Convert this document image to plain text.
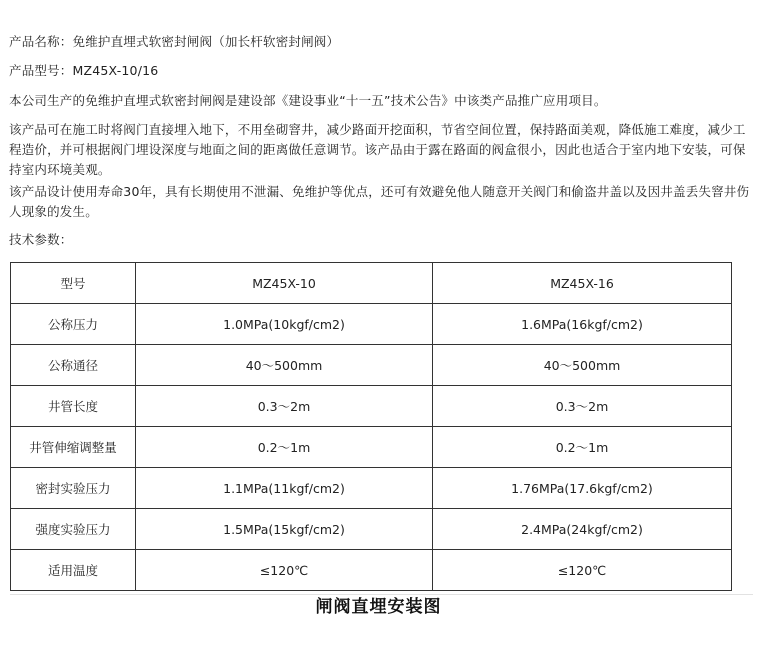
产品名称：免维护直埋式软密封闸阀（加长杆软密封闸阀）
产品型号：MZ45X-10/16
本公司生产的免维护直埋式软密封闸阀是建设部《建设事业“十一五”技术公告》中该类产品推广应用项目。
该产品可在施工时将阀门直接埋入地下，不用垒砌窨井，减少路面开挖面积，节省空间位置，保持路面美观，降低施工难度，减少工程造价，并可根据阀门埋设深度与地面之间的距离做任意调节。该产品由于露在路面的阀盒很小，因此也适合于室内地下安装，可保持室内环境美观。
该产品设计使用寿命30年，具有长期使用不泄漏、免维护等优点，还可有效避免他人随意开关阀门和偷盗井盖以及因井盖丢失窨井伤人现象的发生。
技术参数：
型号	MZ45X-10	MZ45X-16
公称压力	1.0MPa(10kgf/cm2)	1.6MPa(16kgf/cm2)
公称通径	40～500mm	40～500mm
井管长度	0.3～2m	0.3～2m
井管伸缩调整量	0.2～1m	0.2～1m
密封实验压力	1.1MPa(11kgf/cm2)	1.76MPa(17.6kgf/cm2)
强度实验压力	1.5MPa(15kgf/cm2)	2.4MPa(24kgf/cm2)
适用温度	≤120℃	≤120℃
闸阀直埋安装图
